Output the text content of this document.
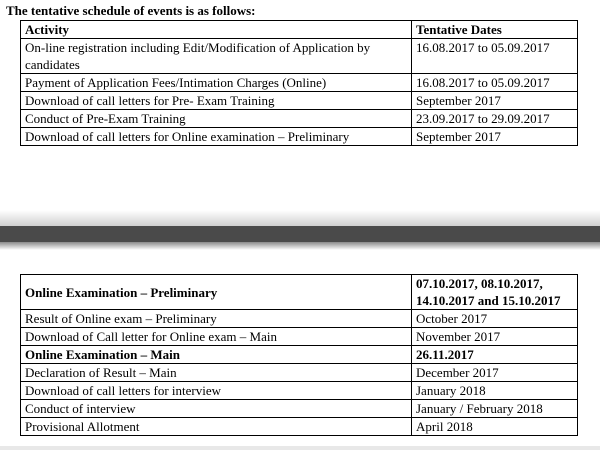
The tentative schedule of events is as follows:
Activity	Tentative Dates
On-line registration including Edit/Modification of Application by candidates	16.08.2017 to 05.09.2017
Payment of Application Fees/Intimation Charges (Online)	16.08.2017 to 05.09.2017
Download of call letters for Pre- Exam Training	September 2017
Conduct of Pre-Exam Training	23.09.2017 to 29.09.2017
Download of call letters for Online examination – Preliminary	September 2017
Online Examination – Preliminary	07.10.2017, 08.10.2017,
14.10.2017 and 15.10.2017

Result of Online exam – Preliminary	October 2017
Download of Call letter for Online exam – Main	November 2017
Online Examination – Main	26.11.2017
Declaration of Result – Main	December 2017
Download of call letters for interview	January 2018
Conduct of interview	January / February 2018
Provisional Allotment	April 2018
